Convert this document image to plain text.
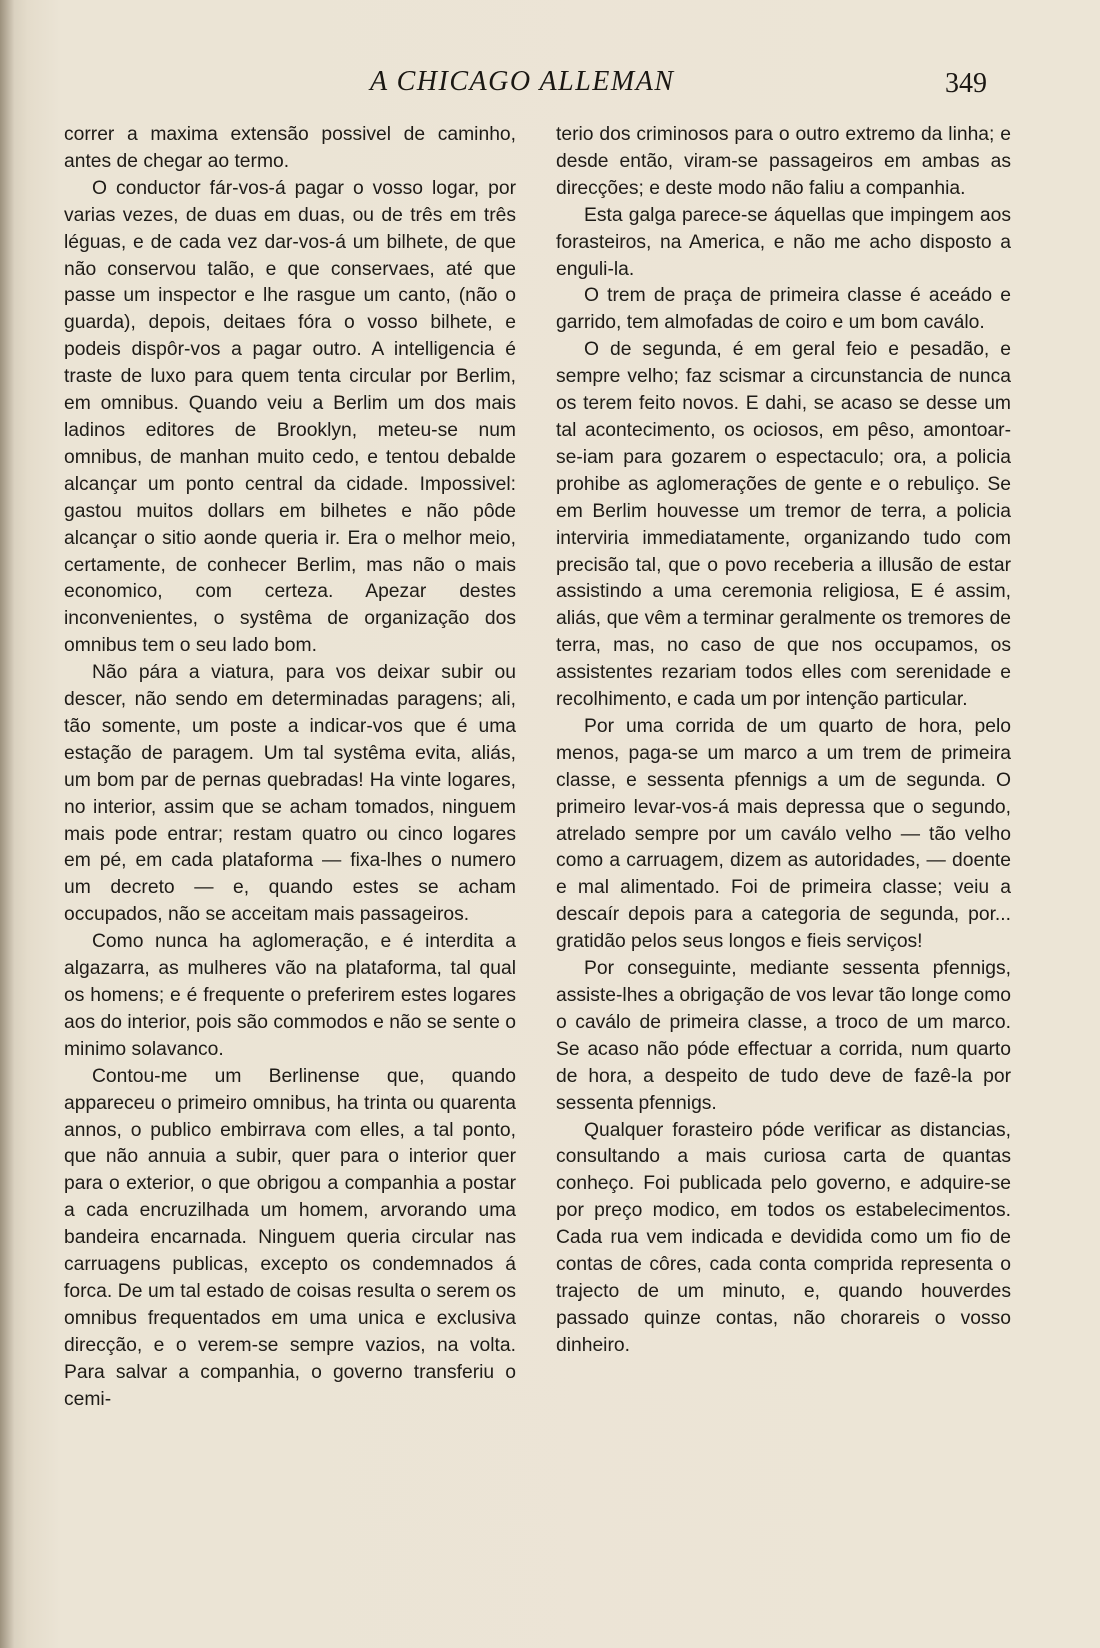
A CHICAGO ALLEMAN	349

correr a maxima extensão possivel de caminho, antes de chegar ao termo.

O conductor fár-vos-á pagar o vosso logar, por varias vezes, de duas em duas, ou de três em três léguas, e de cada vez dar-vos-á um bilhete, de que não conservou talão, e que conservaes, até que passe um inspector e lhe rasgue um canto, (não o guarda), depois, deitaes fóra o vosso bilhete, e podeis dispôr-vos a pagar outro. A intelligencia é traste de luxo para quem tenta circular por Berlim, em omnibus. Quando veiu a Berlim um dos mais ladinos editores de Brooklyn, meteu-se num omnibus, de manhan muito cedo, e tentou debalde alcançar um ponto central da cidade. Impossivel: gastou muitos dollars em bilhetes e não pôde alcançar o sitio aonde queria ir. Era o melhor meio, certamente, de conhecer Berlim, mas não o mais economico, com certeza. Apezar destes inconvenientes, o systêma de organização dos omnibus tem o seu lado bom.

Não pára a viatura, para vos deixar subir ou descer, não sendo em determinadas paragens; ali, tão somente, um poste a indicar-vos que é uma estação de paragem. Um tal systêma evita, aliás, um bom par de pernas quebradas! Ha vinte logares, no interior, assim que se acham tomados, ninguem mais pode entrar; restam quatro ou cinco logares em pé, em cada plataforma — fixa-lhes o numero um decreto — e, quando estes se acham occupados, não se acceitam mais passageiros.

Como nunca ha aglomeração, e é interdita a algazarra, as mulheres vão na plataforma, tal qual os homens; e é frequente o preferirem estes logares aos do interior, pois são commodos e não se sente o minimo solavanco.

Contou-me um Berlinense que, quando appareceu o primeiro omnibus, ha trinta ou quarenta annos, o publico embirrava com elles, a tal ponto, que não annuia a subir, quer para o interior quer para o exterior, o que obrigou a companhia a postar a cada encruzilhada um homem, arvorando uma bandeira encarnada. Ninguem queria circular nas carruagens publicas, excepto os condemnados á forca. De um tal estado de coisas resulta o serem os omnibus frequentados em uma unica e exclusiva direcção, e o verem-se sempre vazios, na volta. Para salvar a companhia, o governo transferiu o cemi-

terio dos criminosos para o outro extremo da linha; e desde então, viram-se passageiros em ambas as direcções; e deste modo não faliu a companhia.

Esta galga parece-se áquellas que impingem aos forasteiros, na America, e não me acho disposto a enguli-la.

O trem de praça de primeira classe é aceádo e garrido, tem almofadas de coiro e um bom caválo.

O de segunda, é em geral feio e pesadão, e sempre velho; faz scismar a circunstancia de nunca os terem feito novos. E dahi, se acaso se desse um tal acontecimento, os ociosos, em pêso, amontoar-se-iam para gozarem o espectaculo; ora, a policia prohibe as aglomerações de gente e o rebuliço. Se em Berlim houvesse um tremor de terra, a policia interviria immediatamente, organizando tudo com precisão tal, que o povo receberia a illusão de estar assistindo a uma ceremonia religiosa, E é assim, aliás, que vêm a terminar geralmente os tremores de terra, mas, no caso de que nos occupamos, os assistentes rezariam todos elles com serenidade e recolhimento, e cada um por intenção particular.

Por uma corrida de um quarto de hora, pelo menos, paga-se um marco a um trem de primeira classe, e sessenta pfennigs a um de segunda. O primeiro levar-vos-á mais depressa que o segundo, atrelado sempre por um caválo velho — tão velho como a carruagem, dizem as autoridades, — doente e mal alimentado. Foi de primeira classe; veiu a descaír depois para a categoria de segunda, por... gratidão pelos seus longos e fieis serviços!

Por conseguinte, mediante sessenta pfennigs, assiste-lhes a obrigação de vos levar tão longe como o caválo de primeira classe, a troco de um marco. Se acaso não póde effectuar a corrida, num quarto de hora, a despeito de tudo deve de fazê-la por sessenta pfennigs.

Qualquer forasteiro póde verificar as distancias, consultando a mais curiosa carta de quantas conheço. Foi publicada pelo governo, e adquire-se por preço modico, em todos os estabelecimentos. Cada rua vem indicada e devidida como um fio de contas de côres, cada conta comprida representa o trajecto de um minuto, e, quando houverdes passado quinze contas, não chorareis o vosso dinheiro.
